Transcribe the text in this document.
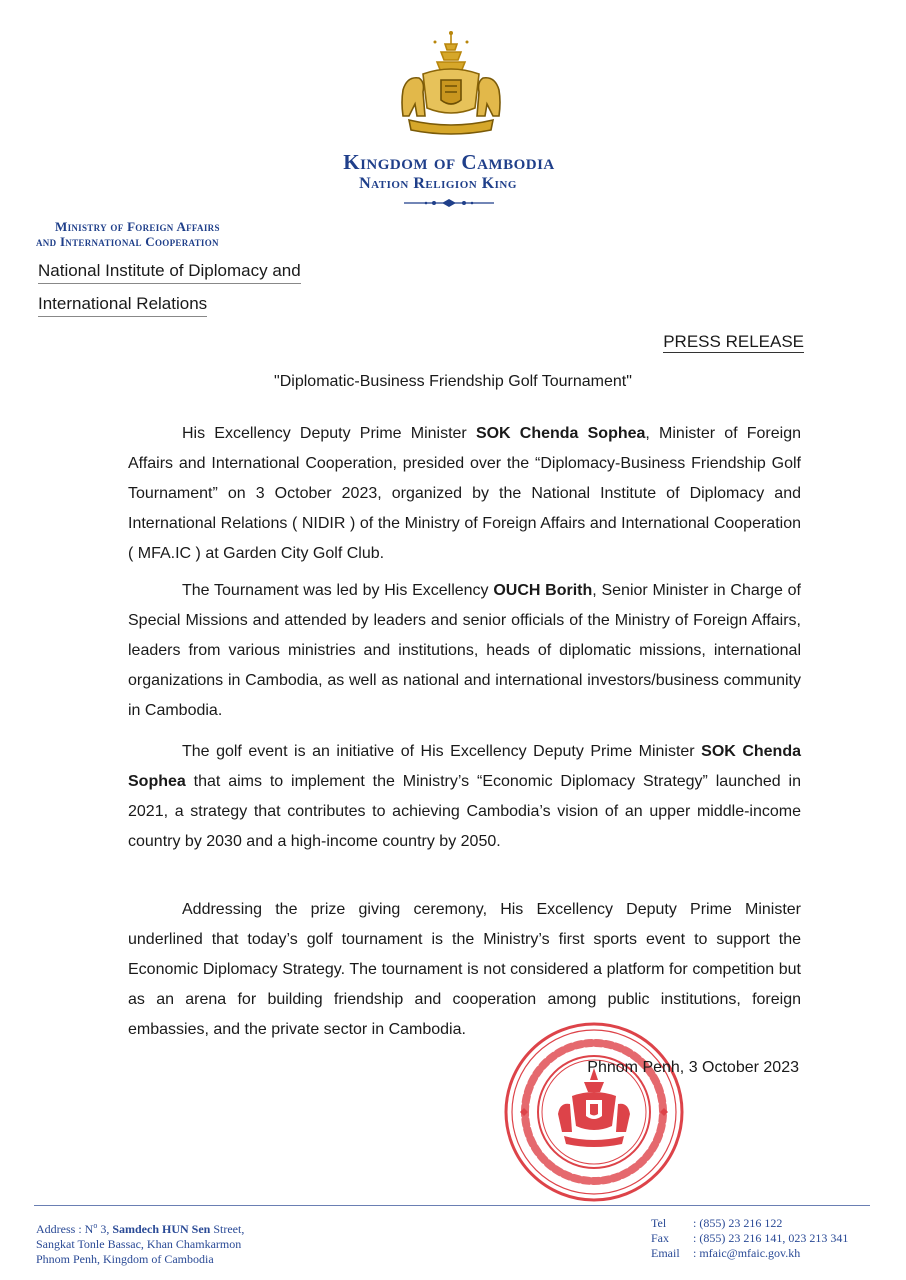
Kingdom of Cambodia
Nation Religion King
Ministry of Foreign Affairs
and International Cooperation
National Institute of Diplomacy and
International Relations
PRESS RELEASE
"Diplomatic-Business Friendship Golf Tournament"
His Excellency Deputy Prime Minister SOK Chenda Sophea, Minister of Foreign Affairs and International Cooperation, presided over the “Diplomacy-Business Friendship Golf Tournament” on 3 October 2023, organized by the National Institute of Diplomacy and International Relations ( NIDIR ) of the Ministry of Foreign Affairs and International Cooperation ( MFA.IC ) at Garden City Golf Club.
The Tournament was led by His Excellency OUCH Borith, Senior Minister in Charge of Special Missions and attended by leaders and senior officials of the Ministry of Foreign Affairs, leaders from various ministries and institutions, heads of diplomatic missions, international organizations in Cambodia, as well as national and international investors/business community in Cambodia.
The golf event is an initiative of His Excellency Deputy Prime Minister SOK Chenda Sophea that aims to implement the Ministry’s “Economic Diplomacy Strategy” launched in 2021, a strategy that contributes to achieving Cambodia’s vision of an upper middle-income country by 2030 and a high-income country by 2050.
Addressing the prize giving ceremony, His Excellency Deputy Prime Minister underlined that today’s golf tournament is the Ministry’s first sports event to support the Economic Diplomacy Strategy. The tournament is not considered a platform for competition but as an arena for building friendship and cooperation among public institutions, foreign embassies, and the private sector in Cambodia.
Phnom Penh, 3 October 2023
Address : $N^o$ 3, Samdech HUN Sen Street,
Sangkat Tonle Bassac, Khan Chamkarmon
Phnom Penh, Kingdom of Cambodia
Tel : (855) 23 216 122
Fax : (855) 23 216 141, 023 213 341
Email : mfaic@mfaic.gov.kh
